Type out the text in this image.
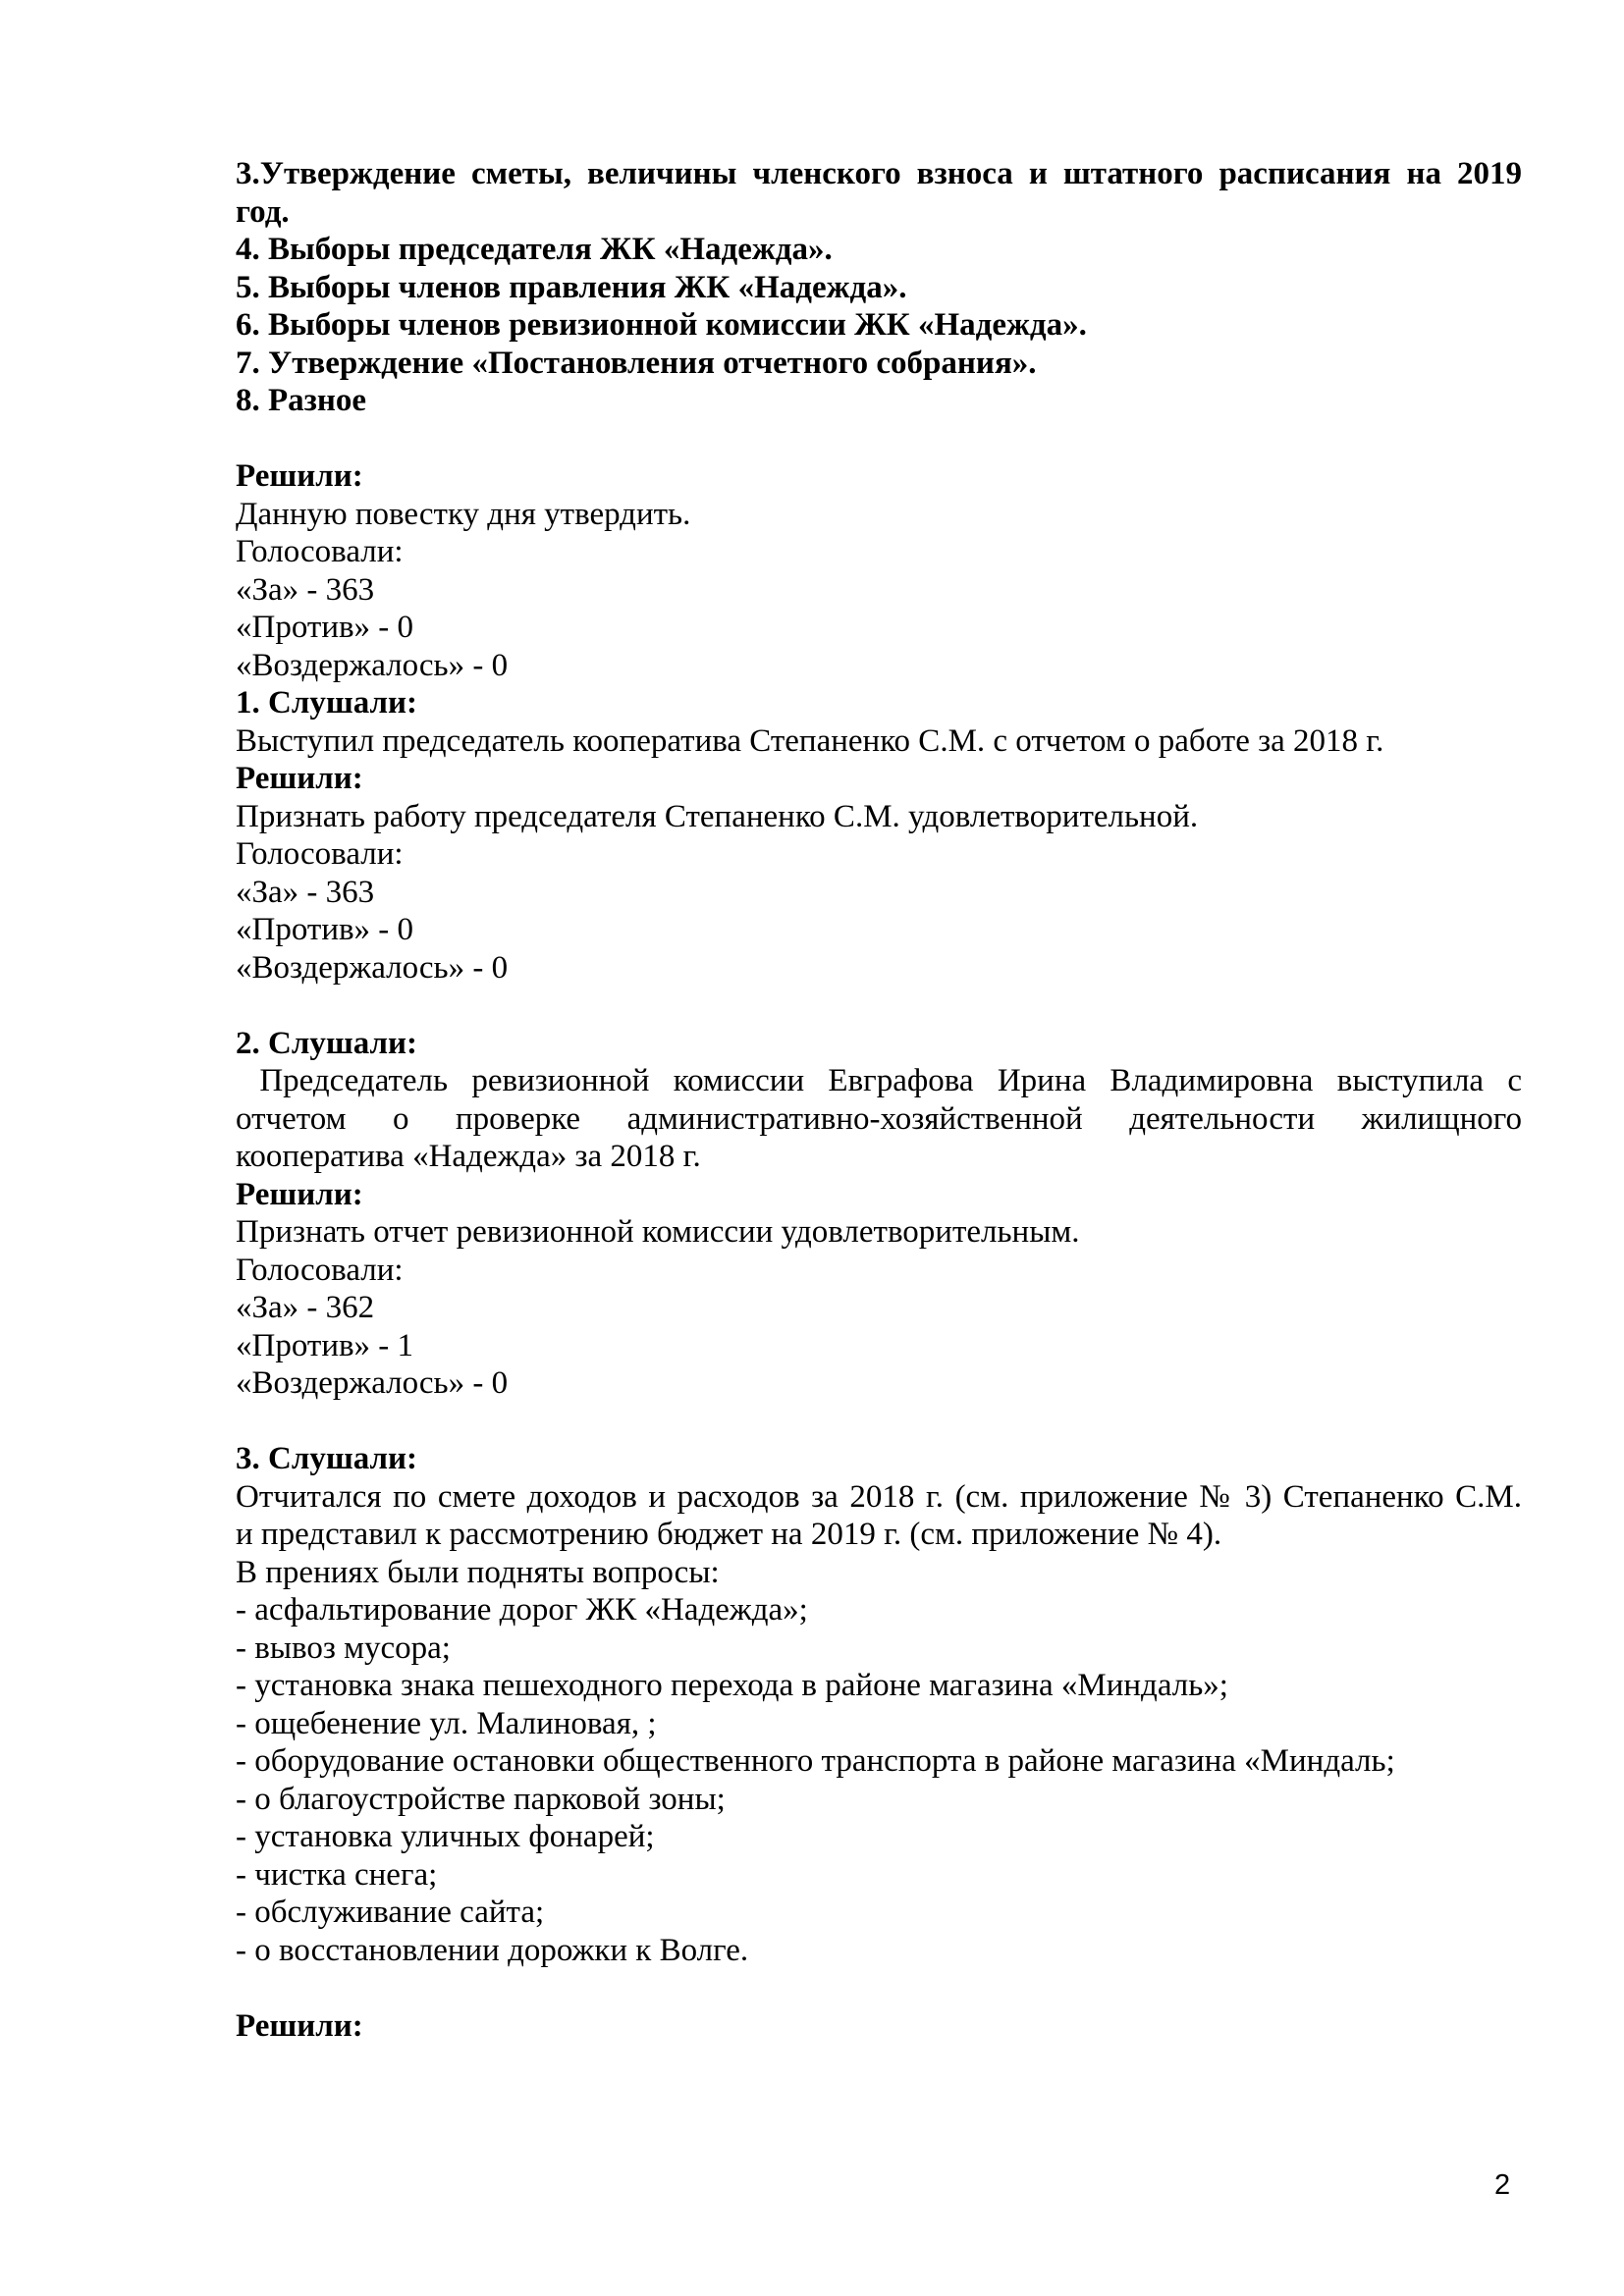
3.Утверждение сметы, величины членского взноса и штатного расписания на 2019
год.
4. Выборы председателя ЖК «Надежда».
5. Выборы членов правления ЖК «Надежда».
6. Выборы членов ревизионной комиссии ЖК «Надежда».
7. Утверждение «Постановления отчетного собрания».
8. Разное
Решили:
Данную повестку дня утвердить.
Голосовали:
«За» - 363
«Против» - 0
«Воздержалось» - 0
1. Слушали:
Выступил председатель кооператива Степаненко С.М. с отчетом о работе за 2018 г.
Решили:
Признать работу председателя Степаненко С.М. удовлетворительной.
Голосовали:
«За» - 363
«Против» - 0
«Воздержалось» - 0
2. Слушали:
Председатель ревизионной комиссии Евграфова Ирина Владимировна выступила с
отчетом о проверке административно-хозяйственной деятельности жилищного
кооператива «Надежда» за 2018 г.
Решили:
Признать отчет ревизионной комиссии удовлетворительным.
Голосовали:
«За» - 362
«Против» - 1
«Воздержалось» - 0
3. Слушали:
Отчитался по смете доходов и расходов за 2018 г. (см. приложение № 3) Степаненко С.М.
и представил к рассмотрению бюджет на 2019 г. (см. приложение № 4).
В прениях были подняты вопросы:
- асфальтирование дорог ЖК «Надежда»;
- вывоз мусора;
- установка знака пешеходного перехода в районе магазина «Миндаль»;
- ощебенение ул. Малиновая, ;
- оборудование остановки общественного транспорта в районе магазина «Миндаль;
- о благоустройстве парковой зоны;
- установка уличных фонарей;
- чистка снега;
- обслуживание сайта;
- о восстановлении дорожки к Волге.
Решили:
2
